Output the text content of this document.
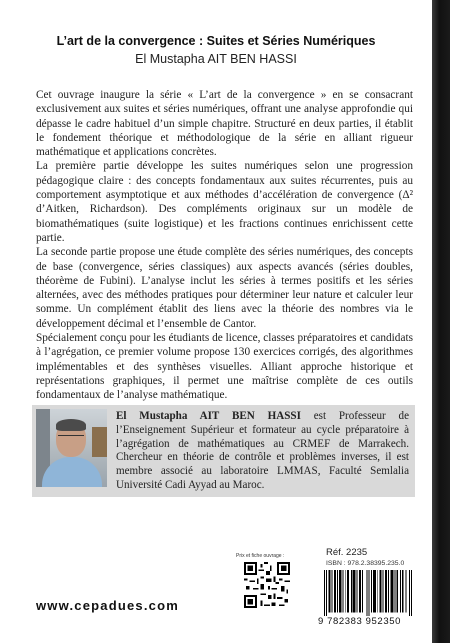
L’art de la convergence : Suites et Séries Numériques
El Mustapha AIT BEN HASSI

Cet ouvrage inaugure la série « L’art de la convergence » en se consacrant exclusivement aux suites et séries numériques, offrant une analyse approfondie qui dépasse le cadre habituel d’un simple chapitre. Structuré en deux parties, il établit le fondement théorique et méthodologique de la série en alliant rigueur mathématique et applications concrètes.

La première partie développe les suites numériques selon une progression pédagogique claire : des concepts fondamentaux aux suites récurrentes, puis au comportement asymptotique et aux méthodes d’accélération de convergence (Δ² d’Aitken, Richardson). Des compléments originaux sur un modèle de biomathématiques (suite logistique) et les fractions continues enrichissent cette partie.

La seconde partie propose une étude complète des séries numériques, des concepts de base (convergence, séries classiques) aux aspects avancés (séries doubles, théorème de Fubini). L’analyse inclut les séries à termes positifs et les séries alternées, avec des méthodes pratiques pour déterminer leur nature et calculer leur somme. Un complément établit des liens avec la théorie des nombres via le développement décimal et l’ensemble de Cantor.

Spécialement conçu pour les étudiants de licence, classes préparatoires et candidats à l’agrégation, ce premier volume propose 130 exercices corrigés, des algorithmes implémentables et des synthèses visuelles. Alliant approche historique et représentations graphiques, il permet une maîtrise complète de ces outils fondamentaux de l’analyse mathématique.

El Mustapha AIT BEN HASSI est Professeur de l’Enseignement Supérieur et formateur au cycle préparatoire à l’agrégation de mathématiques au CRMEF de Marrakech. Chercheur en théorie de contrôle et problèmes inverses, il est membre associé au laboratoire LMMAS, Faculté Semlalia Université Cadi Ayyad au Maroc.
www.cepadues.com
Prix et fiche ouvrage :	Réf. 2235
ISBN : 978.2.38395.235.0
9 782383 952350
